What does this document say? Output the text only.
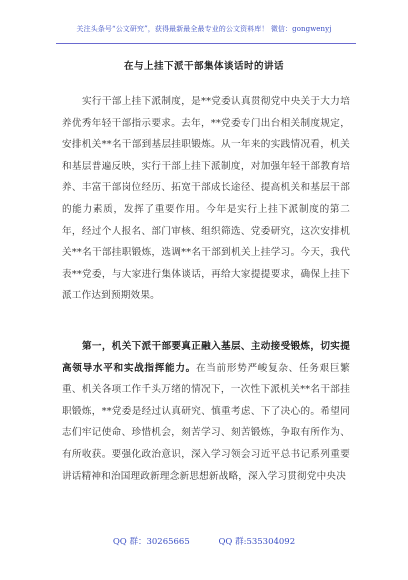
关注头条号“公文研究”，获得最新最全最专业的公文资料库！ 微信：gongwenyj
在与上挂下派干部集体谈话时的讲话
实行干部上挂下派制度，是**党委认真贯彻党中央关于大力培养优秀年轻干部指示要求。去年，**党委专门出台相关制度规定，安排机关**名干部到基层挂职锻炼。从一年来的实践情况看，机关和基层普遍反映，实行干部上挂下派制度，对加强年轻干部教育培养、丰富干部岗位经历、拓宽干部成长途径、提高机关和基层干部的能力素质，发挥了重要作用。今年是实行上挂下派制度的第二年，经过个人报名、部门审核、组织筛选、党委研究，这次安排机关**名干部挂职锻炼，选调**名干部到机关上挂学习。今天，我代表**党委，与大家进行集体谈话，再给大家提提要求，确保上挂下派工作达到预期效果。
第一，机关下派干部要真正融入基层、主动接受锻炼，切实提高领导水平和实战指挥能力。在当前形势严峻复杂、任务艰巨繁重、机关各项工作千头万绪的情况下，一次性下派机关**名干部挂职锻炼，**党委是经过认真研究、慎重考虑、下了决心的。希望同志们牢记使命、珍惜机会，刻苦学习、刻苦锻炼，争取有所作为、有所收获。要强化政治意识，深入学习领会习近平总书记系列重要讲话精神和治国理政新理念新思想新战略，深入学习贯彻党中央决
QQ 群：30265665	QQ 群:535304092
